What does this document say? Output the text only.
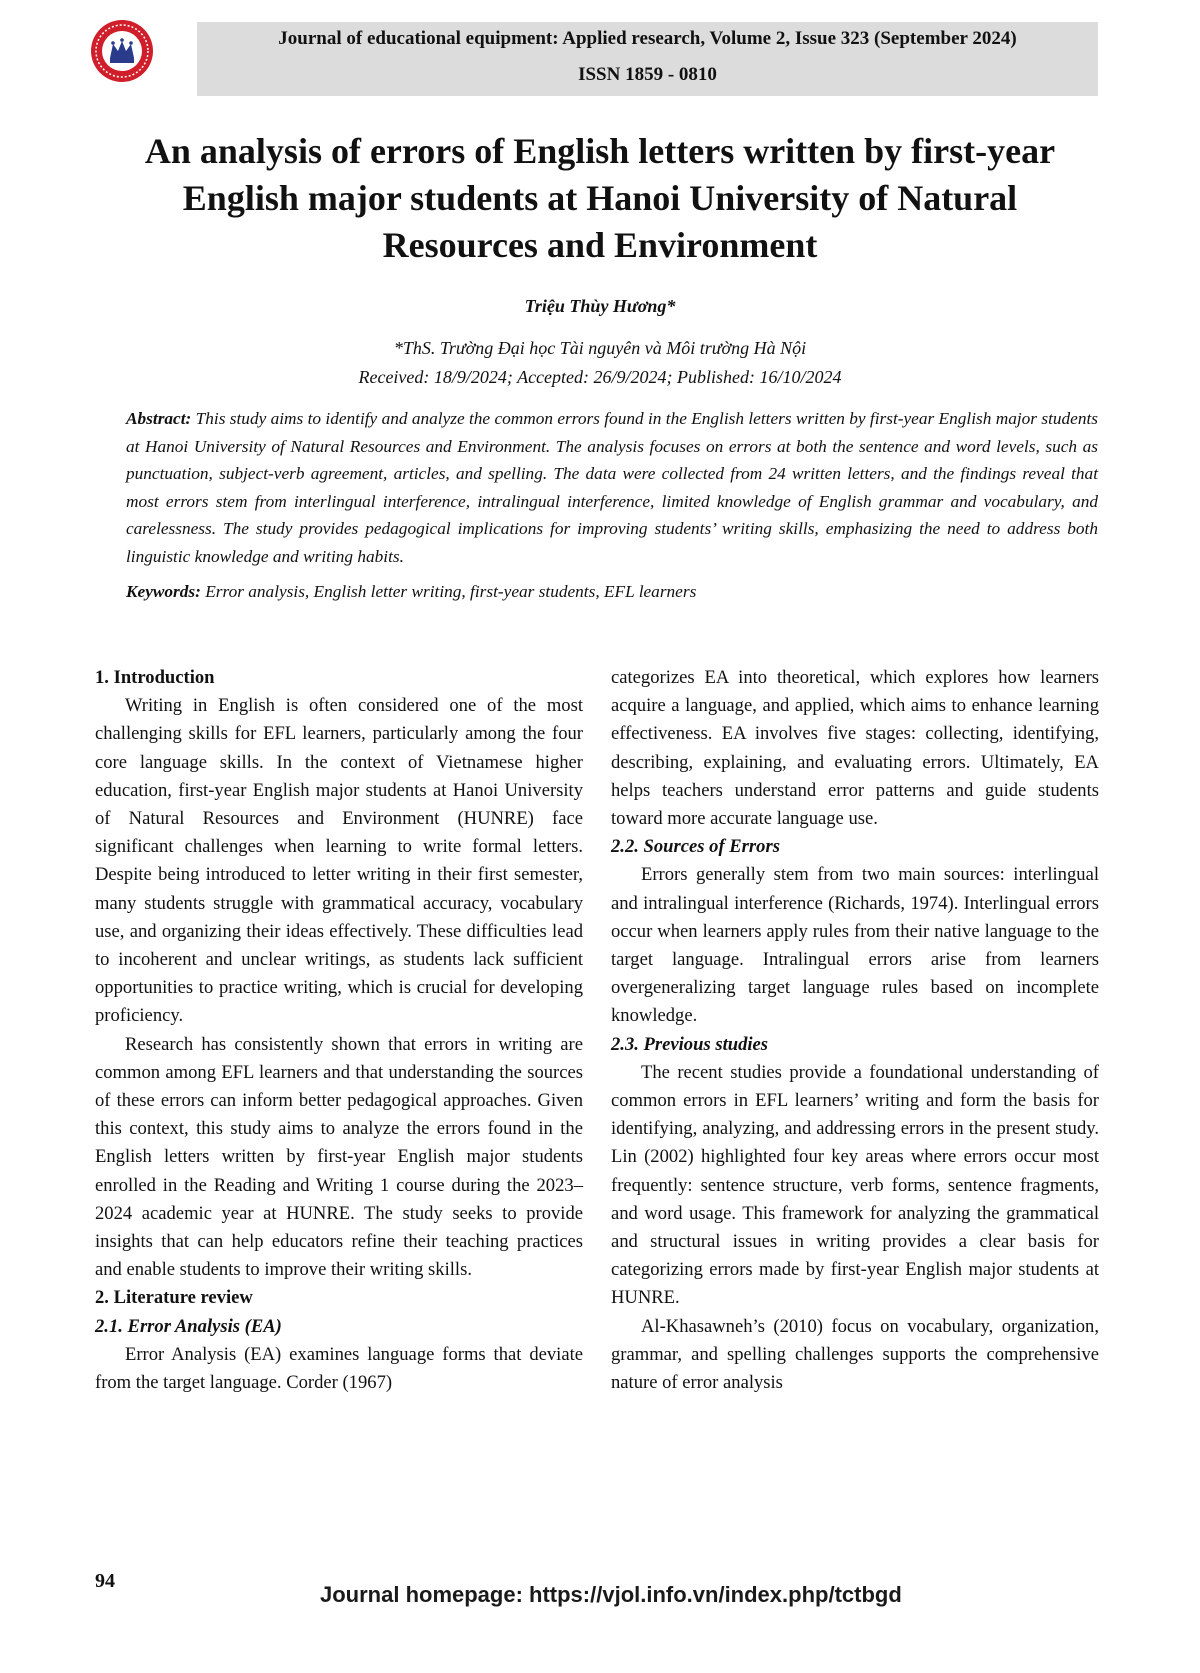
Journal of educational equipment: Applied research, Volume 2, Issue 323 (September 2024)
ISSN 1859 - 0810
An analysis of errors of English letters written by first-year
English major students at Hanoi University of Natural
Resources and Environment
Triệu Thùy Hương*
*ThS. Trường Đại học Tài nguyên và Môi trường Hà Nội
Received: 18/9/2024; Accepted: 26/9/2024; Published: 16/10/2024

Abstract: This study aims to identify and analyze the common errors found in the English letters written by first-year English major students at Hanoi University of Natural Resources and Environment. The analysis focuses on errors at both the sentence and word levels, such as punctuation, subject-verb agreement, articles, and spelling. The data were collected from 24 written letters, and the findings reveal that most errors stem from interlingual interference, intralingual interference, limited knowledge of English grammar and vocabulary, and carelessness. The study provides pedagogical implications for improving students’ writing skills, emphasizing the need to address both linguistic knowledge and writing habits.

Keywords: Error analysis, English letter writing, first-year students, EFL learners

1. Introduction

Writing in English is often considered one of the most challenging skills for EFL learners, particularly among the four core language skills. In the context of Vietnamese higher education, first-year English major students at Hanoi University of Natural Resources and Environment (HUNRE) face significant challenges when learning to write formal letters. Despite being introduced to letter writing in their first semester, many students struggle with grammatical accuracy, vocabulary use, and organizing their ideas effectively. These difficulties lead to incoherent and unclear writings, as students lack sufficient opportunities to practice writing, which is crucial for developing proficiency.

Research has consistently shown that errors in writing are common among EFL learners and that understanding the sources of these errors can inform better pedagogical approaches. Given this context, this study aims to analyze the errors found in the English letters written by first-year English major students enrolled in the Reading and Writing 1 course during the 2023–2024 academic year at HUNRE. The study seeks to provide insights that can help educators refine their teaching practices and enable students to improve their writing skills.

2. Literature review
2.1. Error Analysis (EA)

Error Analysis (EA) examines language forms that deviate from the target language. Corder (1967)

categorizes EA into theoretical, which explores how learners acquire a language, and applied, which aims to enhance learning effectiveness. EA involves five stages: collecting, identifying, describing, explaining, and evaluating errors. Ultimately, EA helps teachers understand error patterns and guide students toward more accurate language use.

2.2. Sources of Errors

Errors generally stem from two main sources: interlingual and intralingual interference (Richards, 1974). Interlingual errors occur when learners apply rules from their native language to the target language. Intralingual errors arise from learners overgeneralizing target language rules based on incomplete knowledge.

2.3. Previous studies

The recent studies provide a foundational understanding of common errors in EFL learners’ writing and form the basis for identifying, analyzing, and addressing errors in the present study. Lin (2002) highlighted four key areas where errors occur most frequently: sentence structure, verb forms, sentence fragments, and word usage. This framework for analyzing the grammatical and structural issues in writing provides a clear basis for categorizing errors made by first-year English major students at HUNRE.

Al-Khasawneh’s (2010) focus on vocabulary, organization, grammar, and spelling challenges supports the comprehensive nature of error analysis

94
Journal homepage: https://vjol.info.vn/index.php/tctbgd
